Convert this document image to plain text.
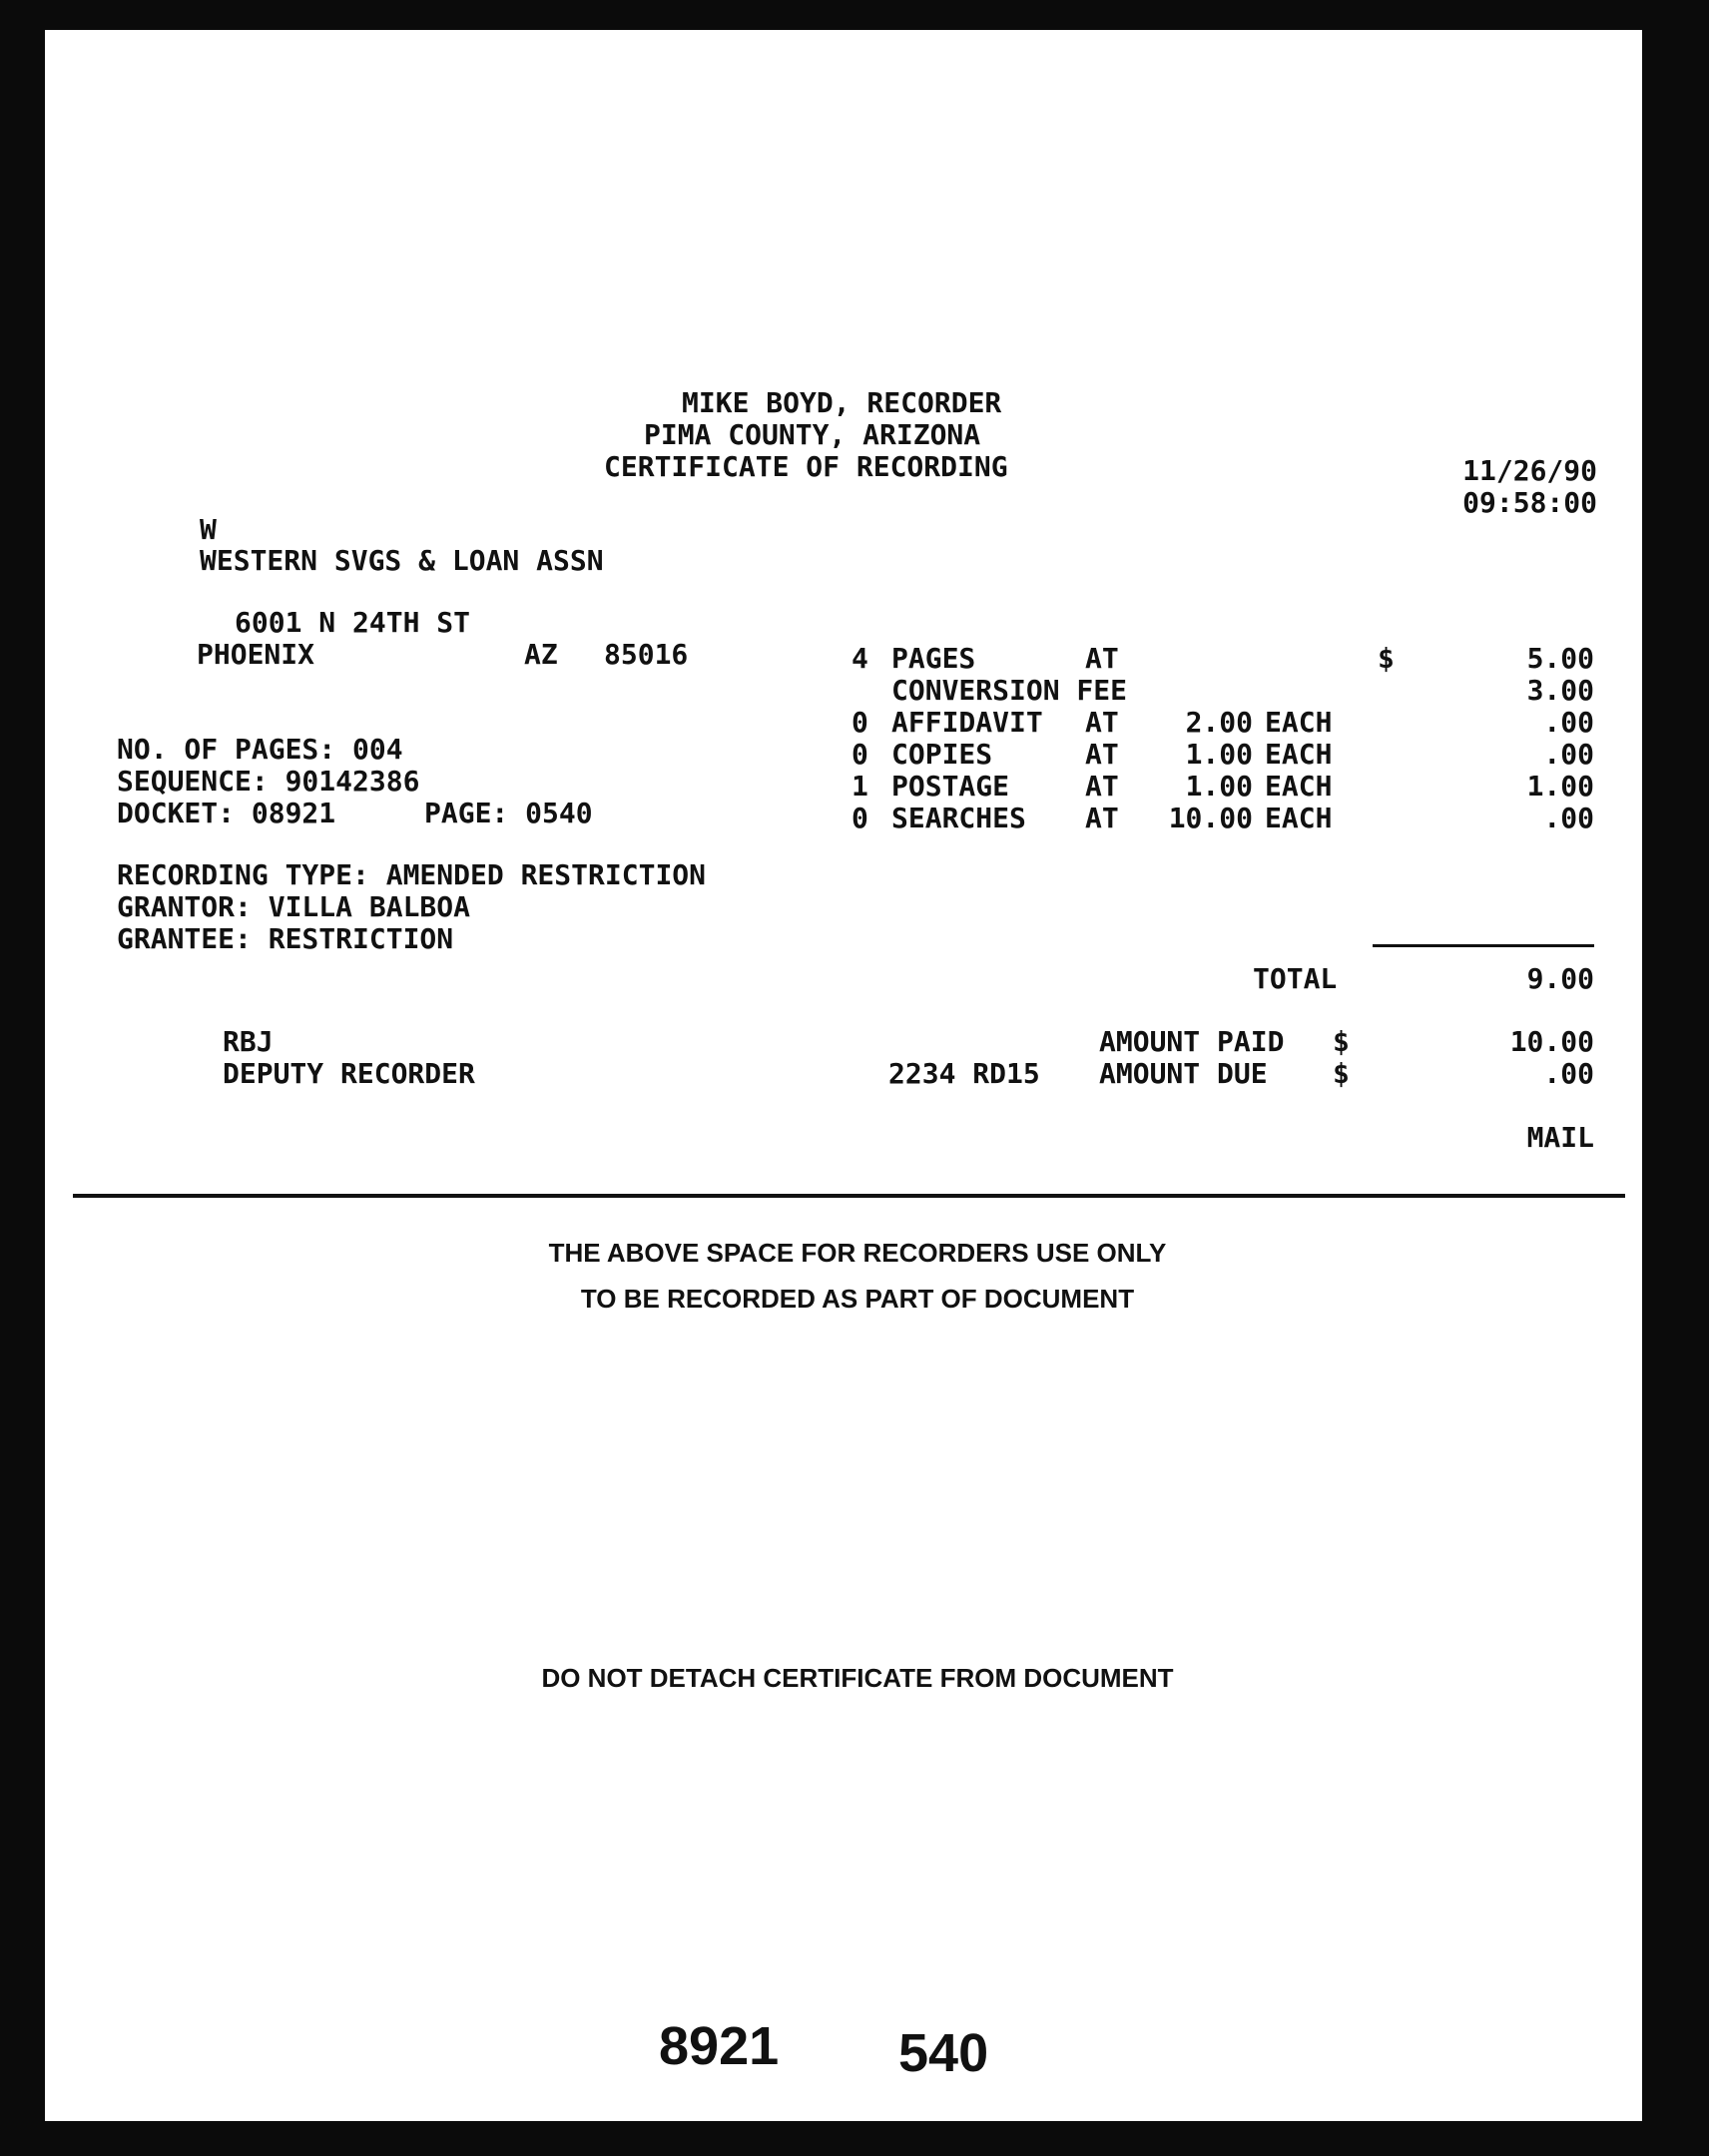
MIKE BOYD, RECORDER
PIMA COUNTY, ARIZONA
CERTIFICATE OF RECORDING	11/26/90
09:58:00
W
WESTERN SVGS & LOAN ASSN
6001 N 24TH ST
PHOENIX	AZ 85016
NO. OF PAGES: 004
SEQUENCE: 90142386
DOCKET: 08921	PAGE: 0540
RECORDING TYPE: AMENDED RESTRICTION
GRANTOR: VILLA BALBOA
GRANTEE: RESTRICTION
4 PAGES	AT	$	5.00
CONVERSION FEE	3.00
0 AFFIDAVIT AT	2.00 EACH	.00
0 COPIES	AT	1.00 EACH	.00
1 POSTAGE	AT	1.00 EACH	1.00
0 SEARCHES AT	10.00 EACH	.00
TOTAL	9.00
RBJ
DEPUTY RECORDER
AMOUNT PAID $	10.00
2234 RD15 AMOUNT DUE $	.00
MAIL
THE ABOVE SPACE FOR RECORDERS USE ONLY
TO BE RECORDED AS PART OF DOCUMENT
DO NOT DETACH CERTIFICATE FROM DOCUMENT
8921 540
